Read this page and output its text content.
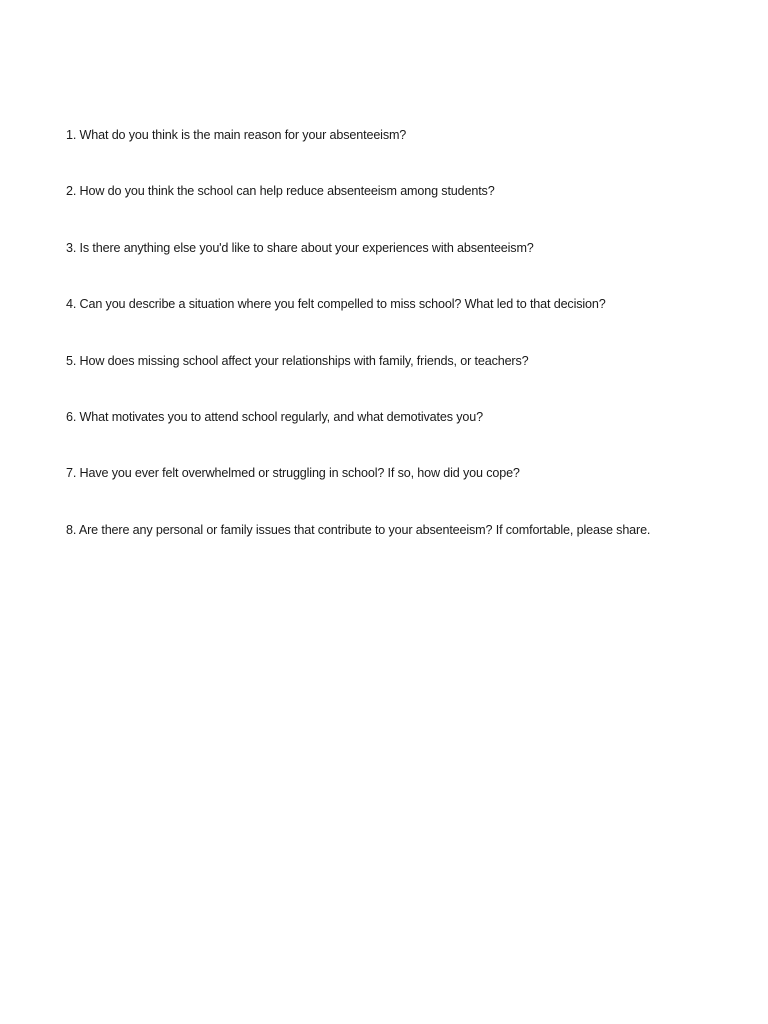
1. What do you think is the main reason for your absenteeism?
2. How do you think the school can help reduce absenteeism among students?
3. Is there anything else you'd like to share about your experiences with absenteeism?
4. Can you describe a situation where you felt compelled to miss school? What led to that decision?
5. How does missing school affect your relationships with family, friends, or teachers?
6. What motivates you to attend school regularly, and what demotivates you?
7. Have you ever felt overwhelmed or struggling in school? If so, how did you cope?
8. Are there any personal or family issues that contribute to your absenteeism? If comfortable, please share.
